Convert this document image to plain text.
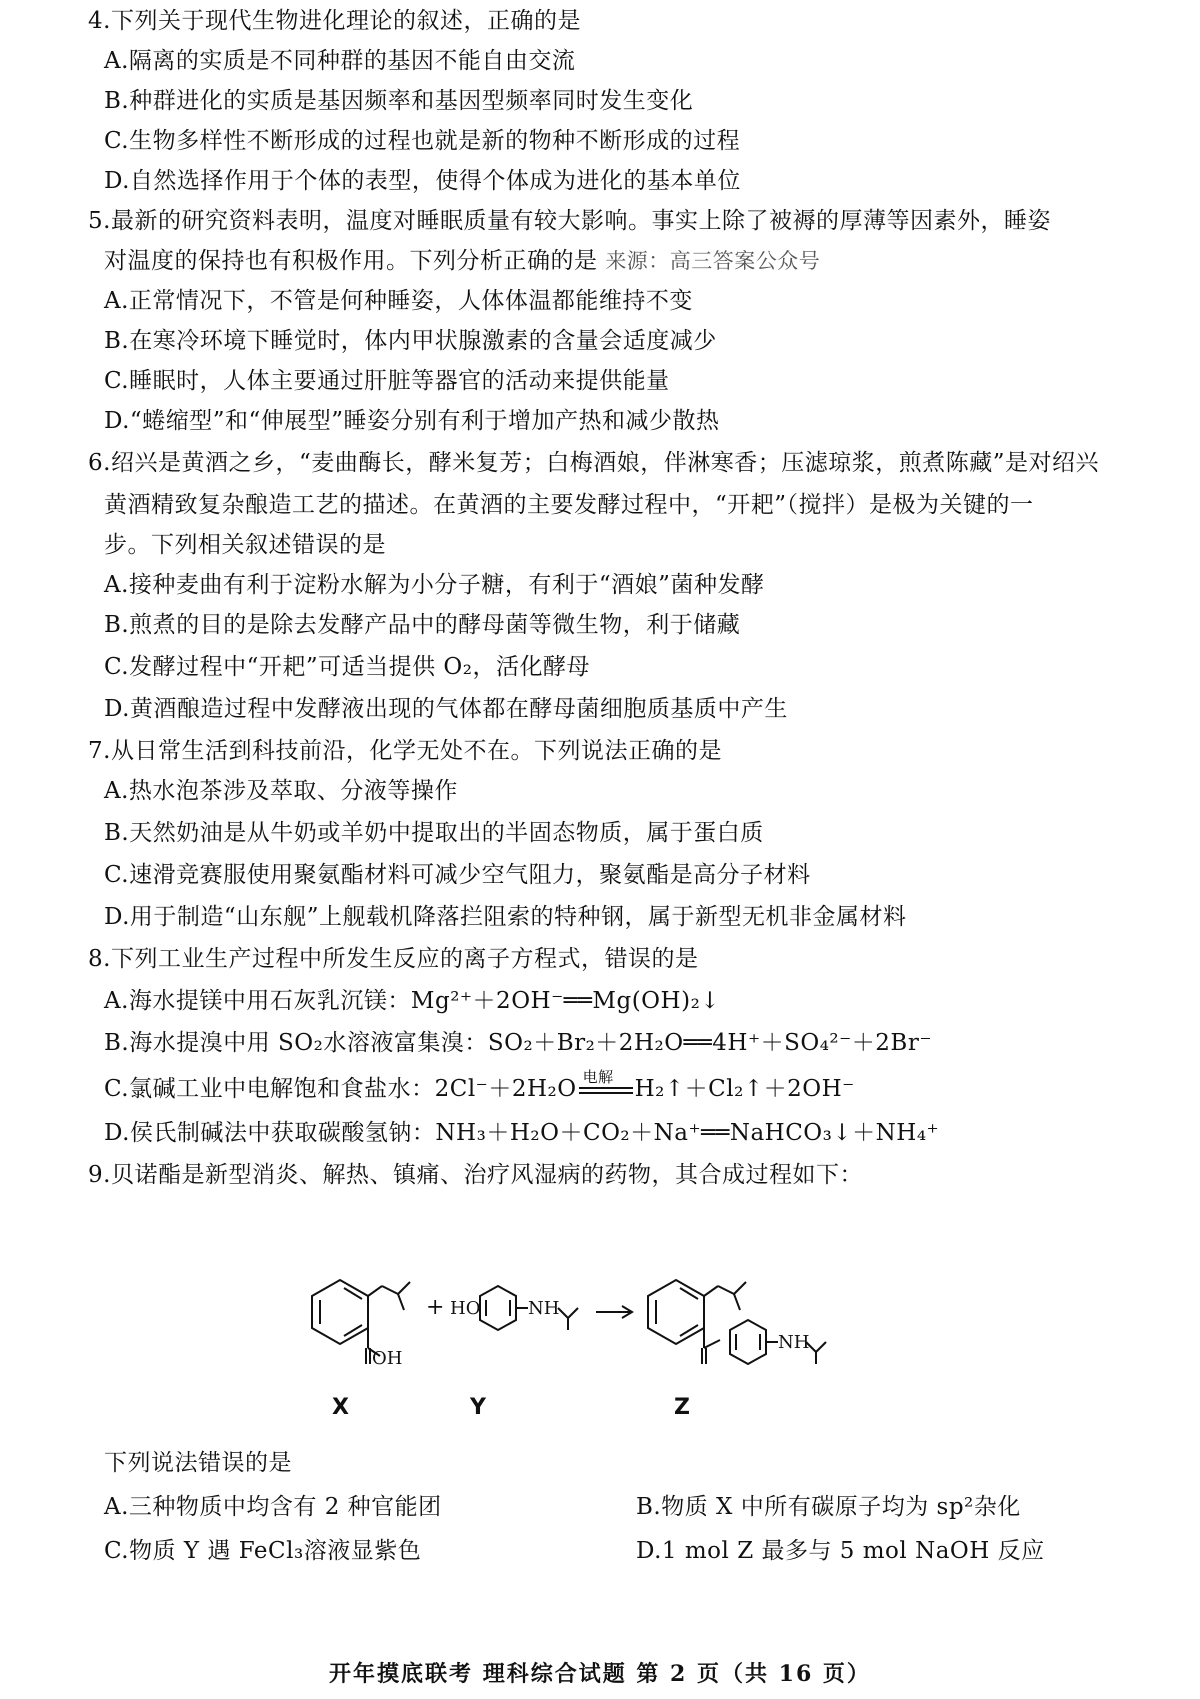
4.下列关于现代生物进化理论的叙述，正确的是
A.隔离的实质是不同种群的基因不能自由交流
B.种群进化的实质是基因频率和基因型频率同时发生变化
C.生物多样性不断形成的过程也就是新的物种不断形成的过程
D.自然选择作用于个体的表型，使得个体成为进化的基本单位
5.最新的研究资料表明，温度对睡眠质量有较大影响。事实上除了被褥的厚薄等因素外，睡姿
对温度的保持也有积极作用。下列分析正确的是 来源：高三答案公众号
A.正常情况下，不管是何种睡姿，人体体温都能维持不变
B.在寒冷环境下睡觉时，体内甲状腺激素的含量会适度减少
C.睡眠时，人体主要通过肝脏等器官的活动来提供能量
D.“蜷缩型”和“伸展型”睡姿分别有利于增加产热和减少散热
6.绍兴是黄酒之乡，“麦曲酶长，酵米复芳；白梅酒娘，伴淋寒香；压滤琼浆，煎煮陈藏”是对绍兴
黄酒精致复杂酿造工艺的描述。在黄酒的主要发酵过程中，“开耙”（搅拌）是极为关键的一
步。下列相关叙述错误的是
A.接种麦曲有利于淀粉水解为小分子糖，有利于“酒娘”菌种发酵
B.煎煮的目的是除去发酵产品中的酵母菌等微生物，利于储藏
C.发酵过程中“开耙”可适当提供 O₂，活化酵母
D.黄酒酿造过程中发酵液出现的气体都在酵母菌细胞质基质中产生
7.从日常生活到科技前沿，化学无处不在。下列说法正确的是
A.热水泡茶涉及萃取、分液等操作
B.天然奶油是从牛奶或羊奶中提取出的半固态物质，属于蛋白质
C.速滑竞赛服使用聚氨酯材料可减少空气阻力，聚氨酯是高分子材料
D.用于制造“山东舰”上舰载机降落拦阻索的特种钢，属于新型无机非金属材料
8.下列工业生产过程中所发生反应的离子方程式，错误的是
A.海水提镁中用石灰乳沉镁：Mg²⁺＋2OH⁻══Mg(OH)₂↓
B.海水提溴中用 SO₂水溶液富集溴：SO₂＋Br₂＋2H₂O══4H⁺＋SO₄²⁻＋2Br⁻
C.氯碱工业中电解饱和食盐水：2Cl⁻＋2H₂O 电解 H₂↑＋Cl₂↑＋2OH⁻
D.侯氏制碱法中获取碳酸氢钠：NH₃＋H₂O＋CO₂＋Na⁺══NaHCO₃↓＋NH₄⁺
9.贝诺酯是新型消炎、解热、镇痛、治疗风湿病的药物，其合成过程如下：
OH
+ HO	NH
NH
X	Y	Z
下列说法错误的是
A.三种物质中均含有 2 种官能团	B.物质 X 中所有碳原子均为 sp²杂化
C.物质 Y 遇 FeCl₃溶液显紫色	D.1 mol Z 最多与 5 mol NaOH 反应
开年摸底联考 理科综合试题 第 2 页（共 16 页）
